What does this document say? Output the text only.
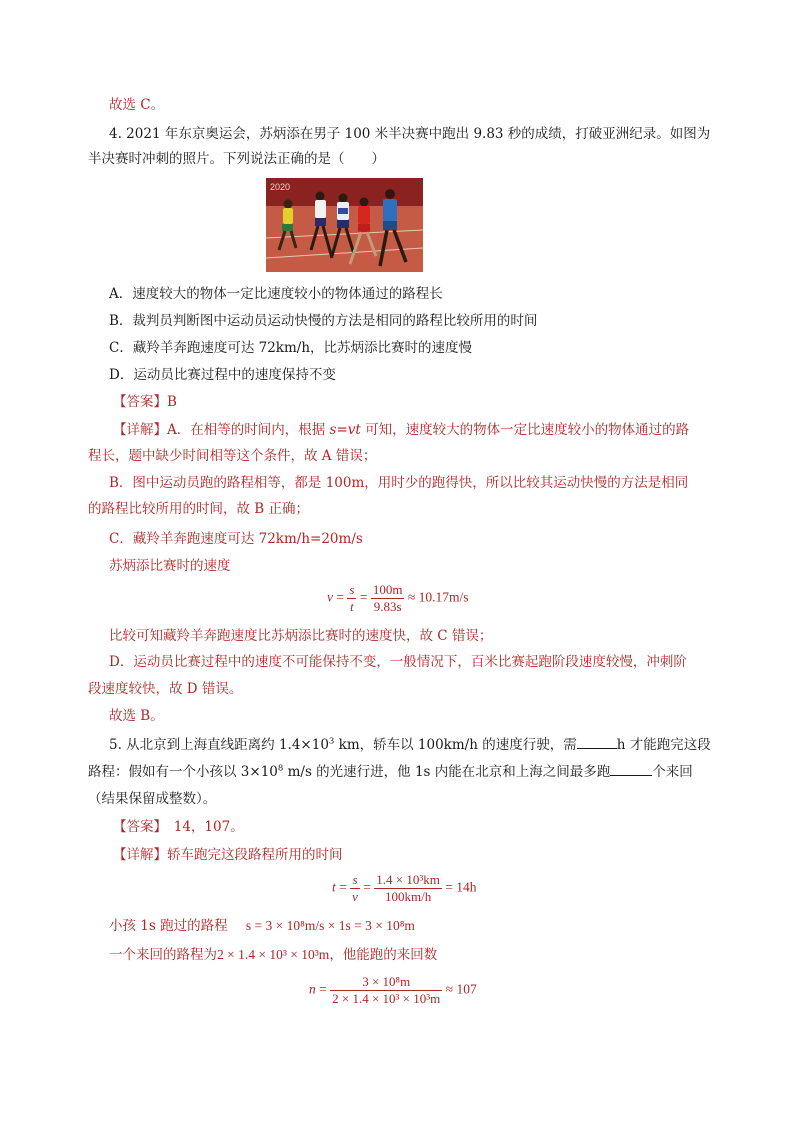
故选 C。
4. 2021 年东京奥运会，苏炳添在男子 100 米半决赛中跑出 9.83 秒的成绩，打破亚洲纪录。如图为
半决赛时冲刺的照片。下列说法正确的是（　　）
2020
A．速度较大的物体一定比速度较小的物体通过的路程长
B．裁判员判断图中运动员运动快慢的方法是相同的路程比较所用的时间
C．藏羚羊奔跑速度可达 72km/h，比苏炳添比赛时的速度慢
D．运动员比赛过程中的速度保持不变
【答案】B
【详解】A．在相等的时间内，根据 s=vt 可知，速度较大的物体一定比速度较小的物体通过的路
程长，题中缺少时间相等这个条件，故 A 错误；
B．图中运动员跑的路程相等，都是 100m，用时少的跑得快，所以比较其运动快慢的方法是相同
的路程比较所用的时间，故 B 正确；
C．藏羚羊奔跑速度可达 72km/h=20m/s
苏炳添比赛时的速度
$v = \frac{s}{t} = \frac{100m}{9.83s} \approx 10.17m/s$
比较可知藏羚羊奔跑速度比苏炳添比赛时的速度快，故 C 错误；
D．运动员比赛过程中的速度不可能保持不变，一般情况下，百米比赛起跑阶段速度较慢，冲刺阶
段速度较快，故 D 错误。
故选 B。
5. 从北京到上海直线距离约 $1.4\times 10^3$ km，轿车以 100km/h 的速度行驶，需	h 才能跑完这段
路程：假如有一个小孩以 $3\times 10^8$ m/s 的光速行进，他 1s 内能在北京和上海之间最多跑	个来回
（结果保留成整数）。
【答案】　14，107。
【详解】轿车跑完这段路程所用的时间
$t = \frac{s}{v} = \frac{\text{1.4 × 10³km}}{100km/h} = 14h$
小孩 1s 跑过的路程 s = 3 × 10⁸m/s × 1s = 3 × 10⁸m
一个来回的路程为2 × 1.4 × 10³ × 10³m，他能跑的来回数
$n = \frac{\text{3 × 10⁸m}}{\text{2 × 1.4 × 10³ × 10³m}} \approx 107$
